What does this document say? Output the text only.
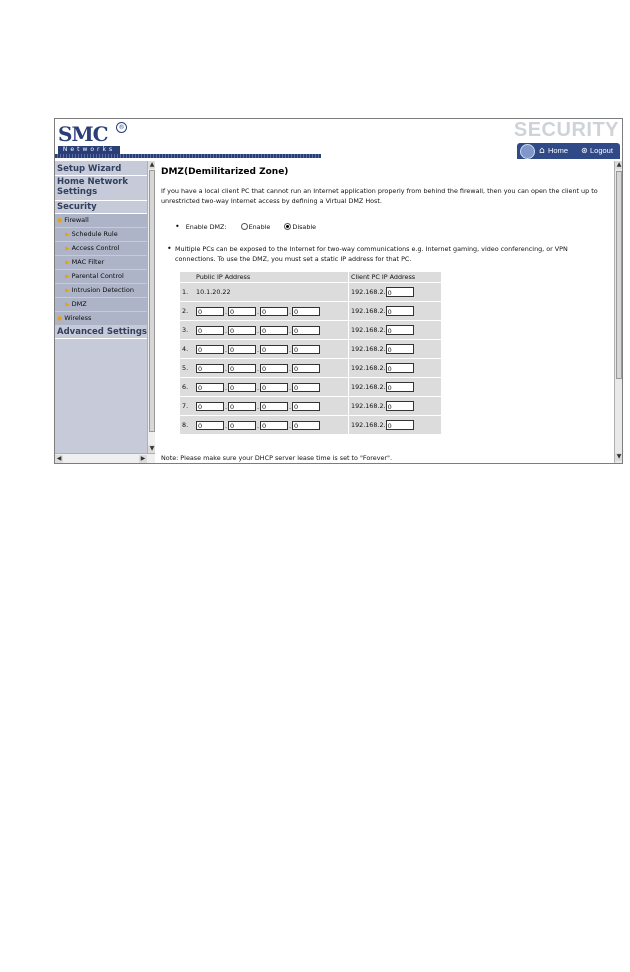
SMC	®
Networks
SECURITY
⌂ Home ⊛ Logout
Setup Wizard
Home Network Settings
Security
● Firewall
▶ Schedule Rule
▶ Access Control
▶ MAC Filter
▶ Parental Control
▶ Intrusion Detection
▶ DMZ
● Wireless
Advanced Settings
▲
▼
◀	▶
DMZ(Demilitarized Zone)
If you have a local client PC that cannot run an Internet application properly from behind the firewall, then you can open the client up to unrestricted two-way Internet access by defining a Virtual DMZ Host.
• Enable DMZ:	Enable	Disable
• Multiple PCs can be exposed to the Internet for two-way communications e.g. Internet gaming, video conferencing, or VPN connections. To use the DMZ, you must set a static IP address for that PC.
	Public IP Address	Client PC IP Address
1.	10.1.20.22	192.168.2. 0
2.	0 . 0 . 0 . 0	192.168.2. 0
3.	0 . 0 . 0 . 0	192.168.2. 0
4.	0 . 0 . 0 . 0	192.168.2. 0
5.	0 . 0 . 0 . 0	192.168.2. 0
6.	0 . 0 . 0 . 0	192.168.2. 0
7.	0 . 0 . 0 . 0	192.168.2. 0
8.	0 . 0 . 0 . 0	192.168.2. 0
Note: Please make sure your DHCP server lease time is set to "Forever".
▲
▼
